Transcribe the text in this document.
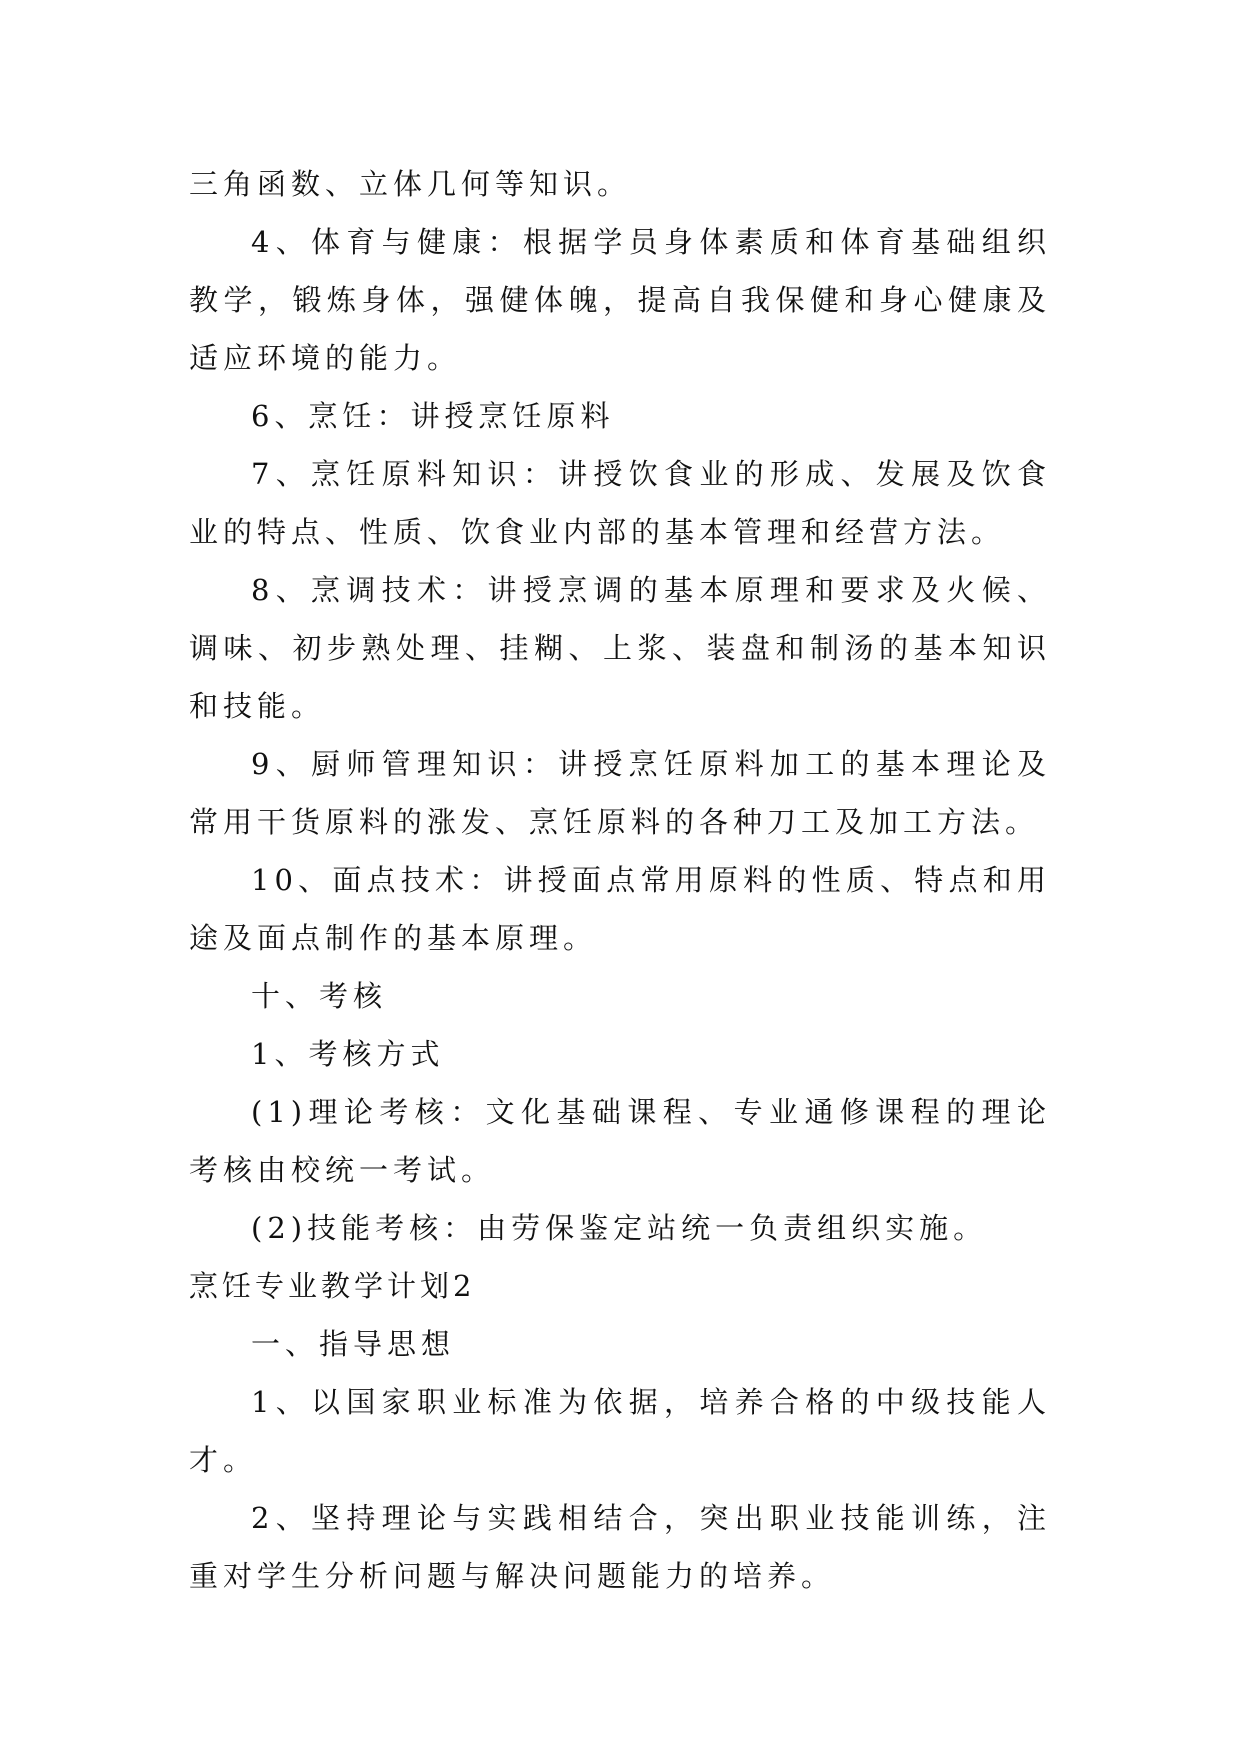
三角函数、立体几何等知识。

4、体育与健康：根据学员身体素质和体育基础组织教学，锻炼身体，强健体魄，提高自我保健和身心健康及适应环境的能力。

6、烹饪：讲授烹饪原料

7、烹饪原料知识：讲授饮食业的形成、发展及饮食业的特点、性质、饮食业内部的基本管理和经营方法。

8、烹调技术：讲授烹调的基本原理和要求及火候、调味、初步熟处理、挂糊、上浆、装盘和制汤的基本知识和技能。

9、厨师管理知识：讲授烹饪原料加工的基本理论及常用干货原料的涨发、烹饪原料的各种刀工及加工方法。

10、面点技术：讲授面点常用原料的性质、特点和用途及面点制作的基本原理。

十、考核

1、考核方式

(1)理论考核：文化基础课程、专业通修课程的理论考核由校统一考试。

(2)技能考核：由劳保鉴定站统一负责组织实施。

烹饪专业教学计划2

一、指导思想

1、以国家职业标准为依据，培养合格的中级技能人才。

2、坚持理论与实践相结合，突出职业技能训练，注重对学生分析问题与解决问题能力的培养。
